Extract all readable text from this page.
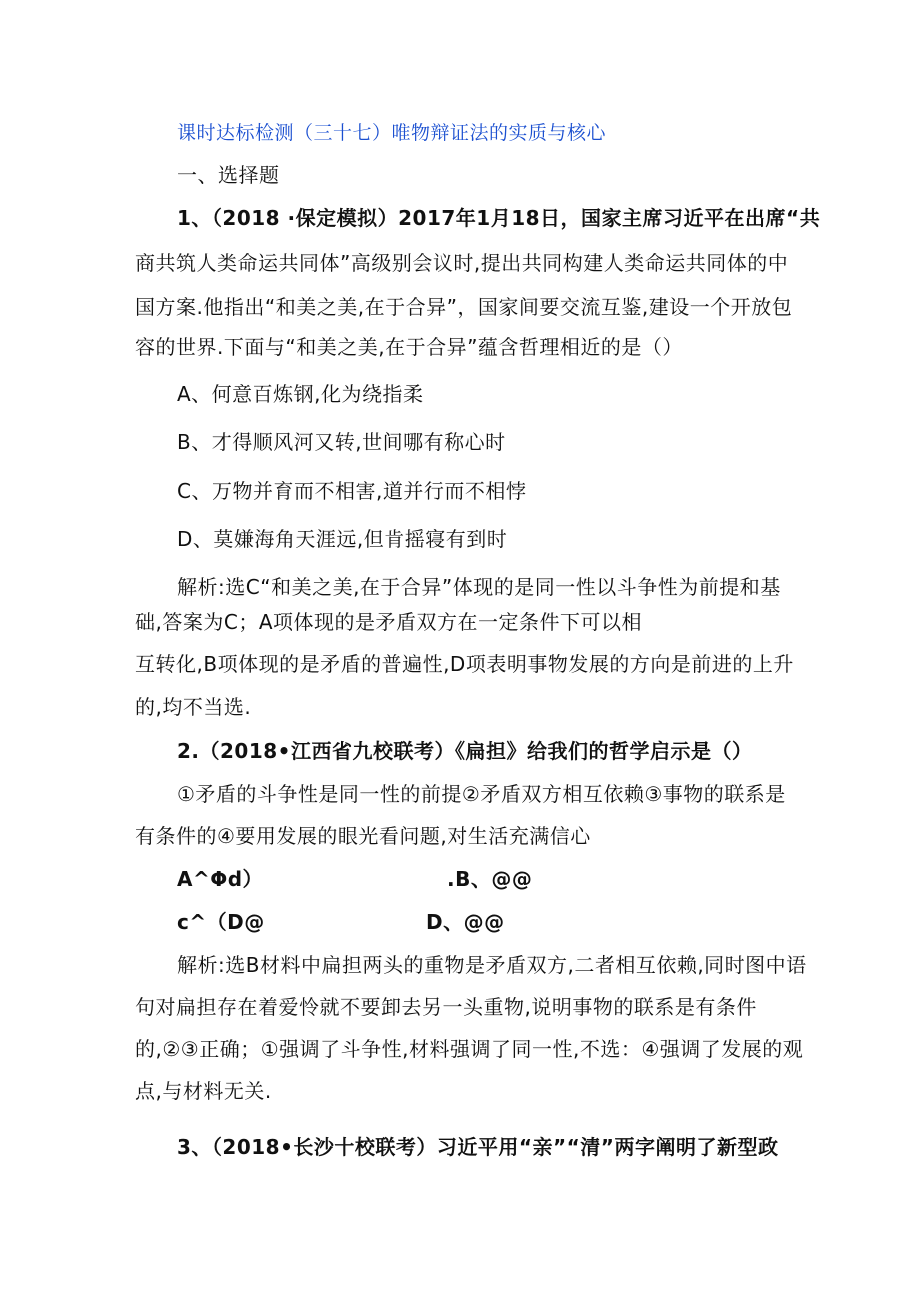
课时达标检测（三十七）唯物辩证法的实质与核心
一、选择题
1、（2018 ·保定模拟）2017年1月18日，国家主席习近平在出席“共
商共筑人类命运共同体”高级别会议时,提出共同构建人类命运共同体的中
国方案.他指出“和美之美,在于合异”，国家间要交流互鉴,建设一个开放包
容的世界.下面与“和美之美,在于合异”蕴含哲理相近的是（）
A、何意百炼钢,化为绕指柔
B、才得顺风河又转,世间哪有称心时
C、万物并育而不相害,道并行而不相悖
D、莫嫌海角天涯远,但肯摇寝有到时
解析:选C“和美之美,在于合异”体现的是同一性以斗争性为前提和基
础,答案为C；A项体现的是矛盾双方在一定条件下可以相
互转化,B项体现的是矛盾的普遍性,D项表明事物发展的方向是前进的上升
的,均不当选.
2.（2018•江西省九校联考）《扁担》给我们的哲学启示是（）
①矛盾的斗争性是同一性的前提②矛盾双方相互依赖③事物的联系是
有条件的④要用发展的眼光看问题,对生活充满信心
A^Φd）	.B、@@
c^（D@	D、@@
解析:选B材料中扁担两头的重物是矛盾双方,二者相互依赖,同时图中语
句对扁担存在着爱怜就不要卸去另一头重物,说明事物的联系是有条件
的,②③正确；①强调了斗争性,材料强调了同一性,不选：④强调了发展的观
点,与材料无关.
3、（2018•长沙十校联考）习近平用“亲”“清”两字阐明了新型政
